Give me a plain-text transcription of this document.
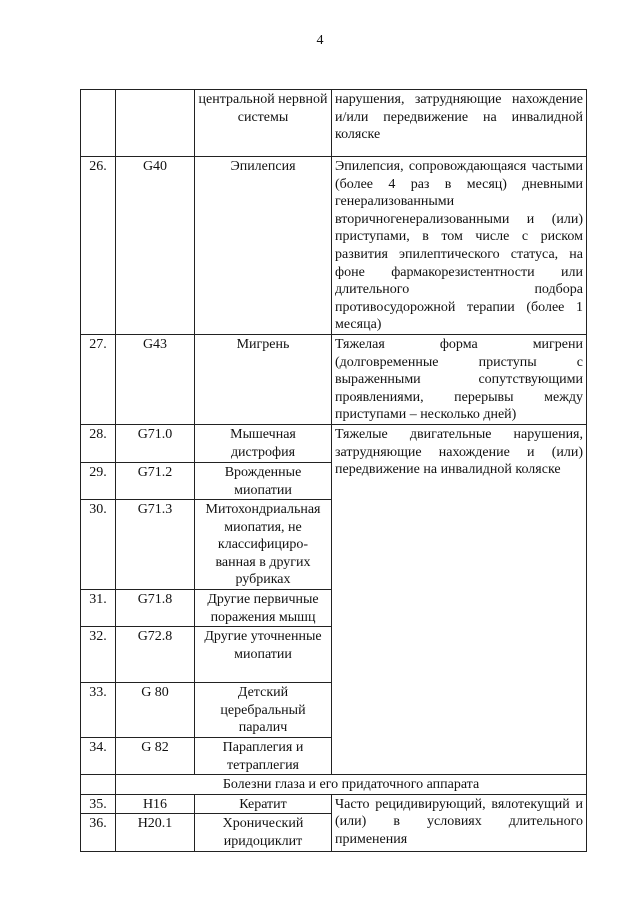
4
		центральной нервной системы	нарушения, затрудняющие нахождение и/или передвижение на инвалидной коляске
26.	G40	Эпилепсия	Эпилепсия, сопровождающаяся частыми (более 4 раз в месяц) дневными генерализованными вторичногенерализованными и (или) приступами, в том числе с риском развития эпилептического статуса, на фоне фармакорезистентности или длительного подбора противосудорожной терапии (более 1 месяца)
27.	G43	Мигрень	Тяжелая форма мигрени (долговременные приступы с выраженными сопутствующими проявлениями, перерывы между приступами – несколько дней)
28.	G71.0	Мышечная дистрофия	Тяжелые двигательные нарушения, затрудняющие нахождение и (или) передвижение на инвалидной коляске
29.	G71.2	Врожденные миопатии	
30.	G71.3	Митохондриальная миопатия, не классифициро-ванная в других рубриках	
31.	G71.8	Другие первичные поражения мышц	
32.	G72.8	Другие уточненные миопатии	
33.	G 80	Детский церебральный паралич	
34.	G 82	Параплегия и тетраплегия	
	Болезни глаза и его придаточного аппарата		
35.	H16	Кератит	Часто рецидивирующий, вялотекущий и (или) в условиях длительного применения
36.	H20.1	Хронический иридоциклит	
